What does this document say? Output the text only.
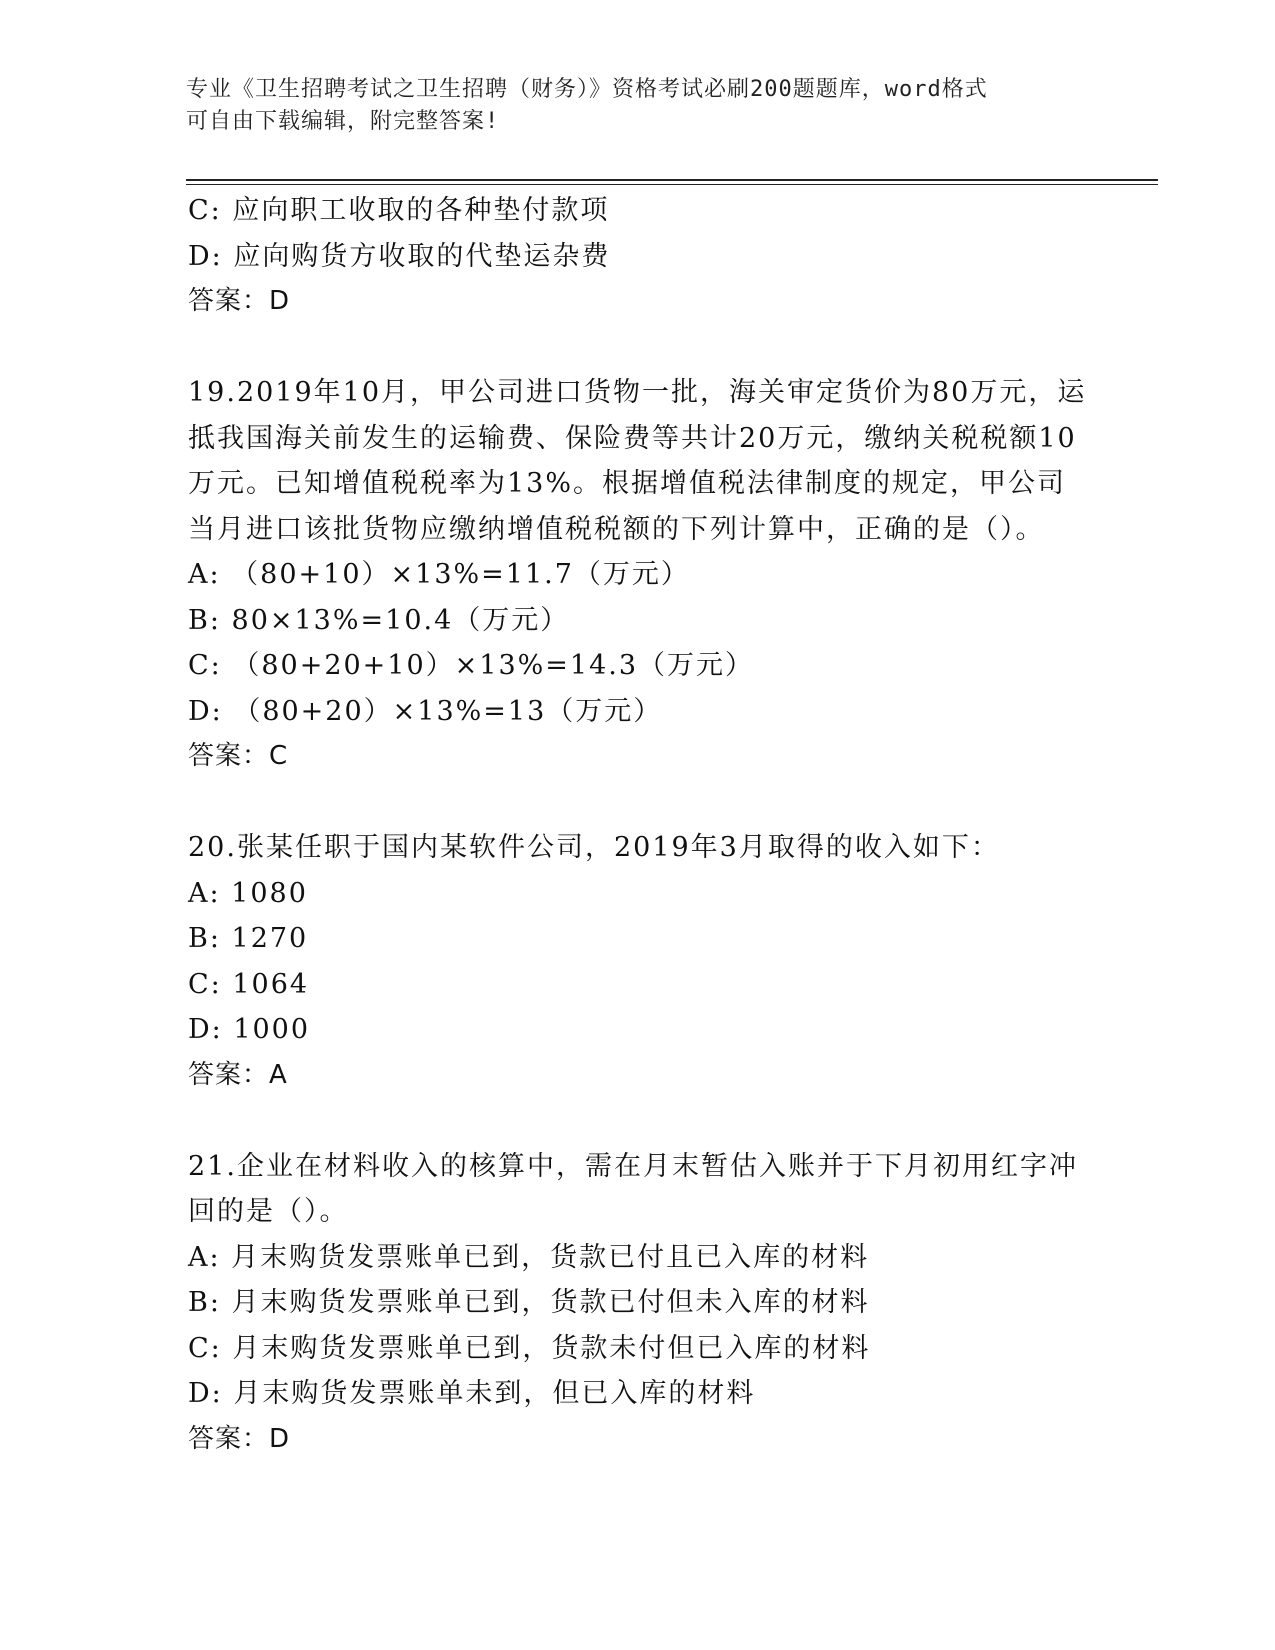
专业《卫生招聘考试之卫生招聘（财务）》资格考试必刷200题题库，word格式
可自由下载编辑，附完整答案!
C: 应向职工收取的各种垫付款项
D: 应向购货方收取的代垫运杂费
答案：D
19.2019年10月，甲公司进口货物一批，海关审定货价为80万元，运
抵我国海关前发生的运输费、保险费等共计20万元，缴纳关税税额10
万元。已知增值税税率为13%。根据增值税法律制度的规定，甲公司
当月进口该批货物应缴纳增值税税额的下列计算中，正确的是（）。
A: （80+10）×13%=11.7（万元）
B: 80×13%=10.4（万元）
C: （80+20+10）×13%=14.3（万元）
D: （80+20）×13%=13（万元）
答案：C
20.张某任职于国内某软件公司，2019年3月取得的收入如下：
A: 1080
B: 1270
C: 1064
D: 1000
答案：A
21.企业在材料收入的核算中，需在月末暂估入账并于下月初用红字冲
回的是（）。
A: 月末购货发票账单已到，货款已付且已入库的材料
B: 月末购货发票账单已到，货款已付但未入库的材料
C: 月末购货发票账单已到，货款未付但已入库的材料
D: 月末购货发票账单未到，但已入库的材料
答案：D
